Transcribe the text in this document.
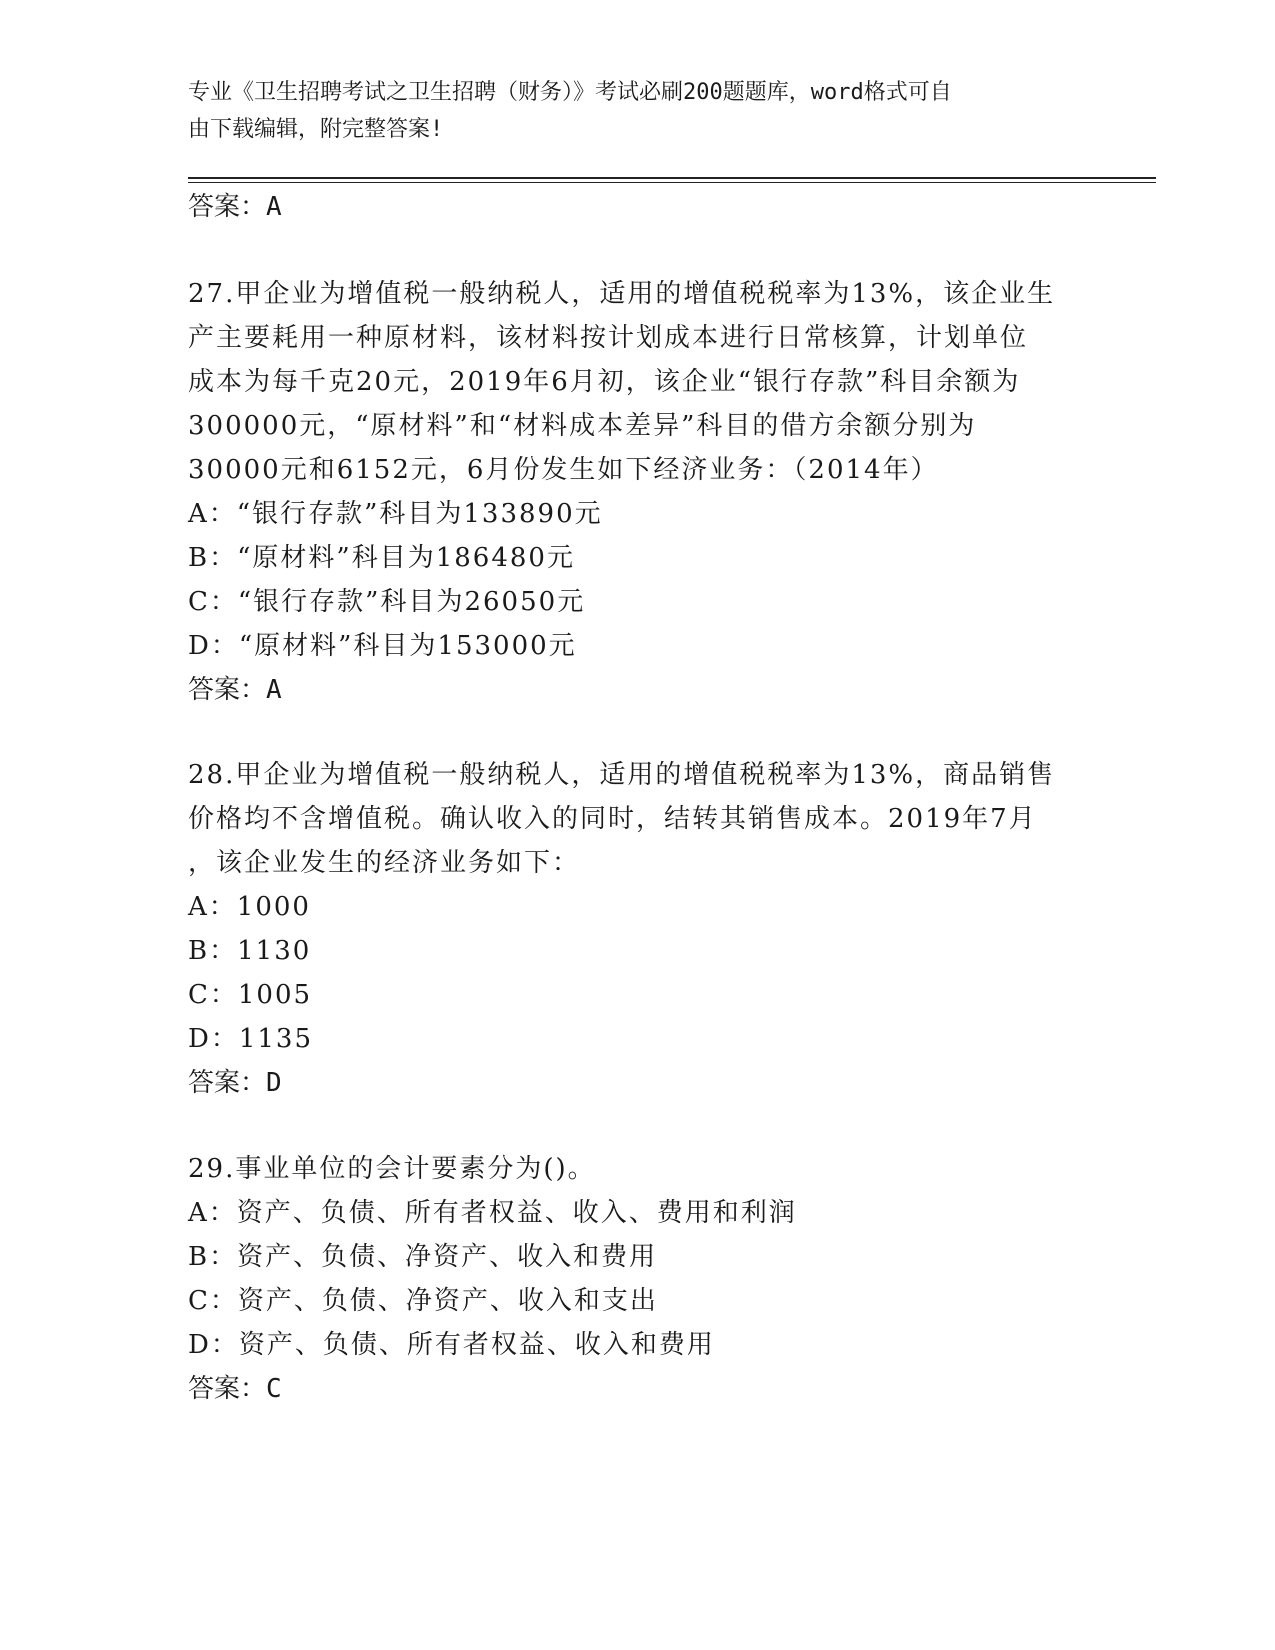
专业《卫生招聘考试之卫生招聘（财务）》考试必刷200题题库，word格式可自
由下载编辑，附完整答案!
答案：A
27.甲企业为增值税一般纳税人，适用的增值税税率为13%，该企业生
产主要耗用一种原材料，该材料按计划成本进行日常核算，计划单位
成本为每千克20元，2019年6月初，该企业“银行存款”科目余额为
300000元，“原材料”和“材料成本差异”科目的借方余额分别为
30000元和6152元，6月份发生如下经济业务：（2014年）
A：“银行存款”科目为133890元
B：“原材料”科目为186480元
C：“银行存款”科目为26050元
D：“原材料”科目为153000元
答案：A
28.甲企业为增值税一般纳税人，适用的增值税税率为13%，商品销售
价格均不含增值税。确认收入的同时，结转其销售成本。2019年7月
，该企业发生的经济业务如下：
A：1000
B：1130
C：1005
D：1135
答案：D
29.事业单位的会计要素分为()。
A：资产、负债、所有者权益、收入、费用和利润
B：资产、负债、净资产、收入和费用
C：资产、负债、净资产、收入和支出
D：资产、负债、所有者权益、收入和费用
答案：C
